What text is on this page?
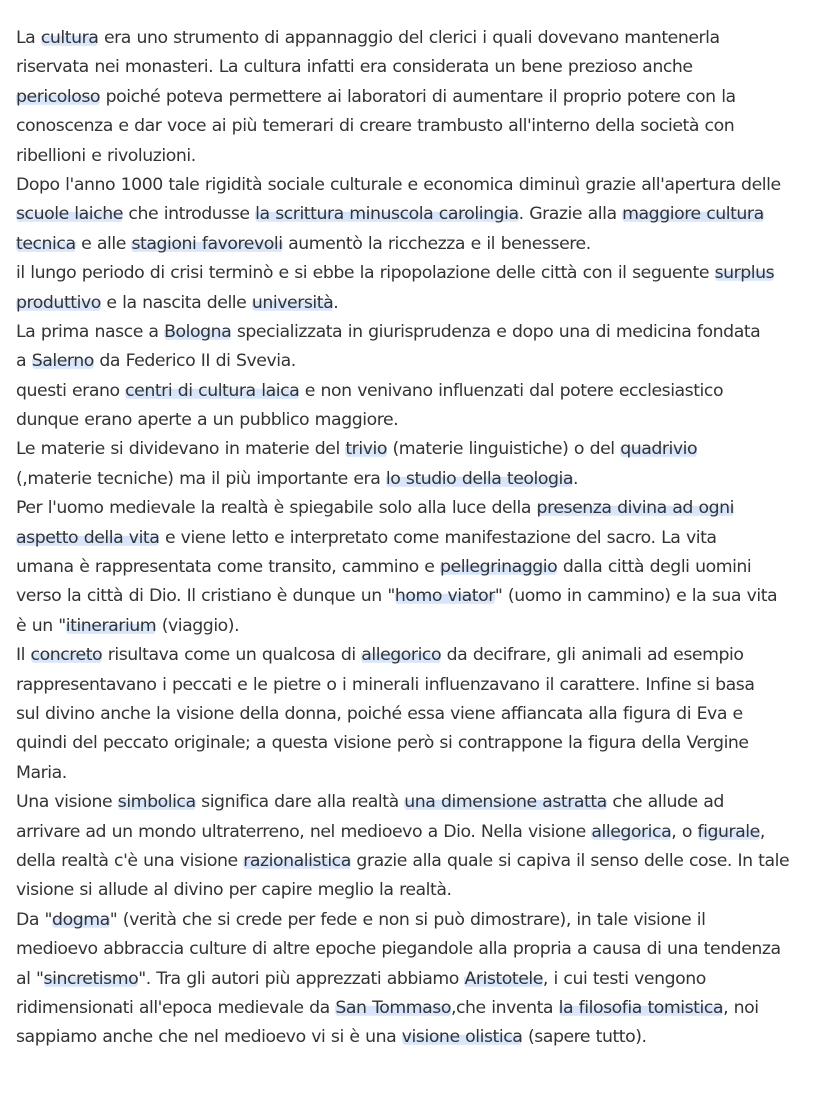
La cultura era uno strumento di appannaggio del clerici i quali dovevano mantenerla
riservata nei monasteri. La cultura infatti era considerata un bene prezioso anche
pericoloso poiché poteva permettere ai laboratori di aumentare il proprio potere con la
conoscenza e dar voce ai più temerari di creare trambusto all'interno della società con
ribellioni e rivoluzioni.
Dopo l'anno 1000 tale rigidità sociale culturale e economica diminuì grazie all'apertura delle
scuole laiche che introdusse la scrittura minuscola carolingia. Grazie alla maggiore cultura
tecnica e alle stagioni favorevoli aumentò la ricchezza e il benessere.
il lungo periodo di crisi terminò e si ebbe la ripopolazione delle città con il seguente surplus
produttivo e la nascita delle università.
La prima nasce a Bologna specializzata in giurisprudenza e dopo una di medicina fondata
a Salerno da Federico II di Svevia.
questi erano centri di cultura laica e non venivano influenzati dal potere ecclesiastico
dunque erano aperte a un pubblico maggiore.
Le materie si dividevano in materie del trivio (materie linguistiche) o del quadrivio
(,materie tecniche) ma il più importante era lo studio della teologia.
Per l'uomo medievale la realtà è spiegabile solo alla luce della presenza divina ad ogni
aspetto della vita e viene letto e interpretato come manifestazione del sacro. La vita
umana è rappresentata come transito, cammino e pellegrinaggio dalla città degli uomini
verso la città di Dio. Il cristiano è dunque un "homo viator" (uomo in cammino) e la sua vita
è un "itinerarium (viaggio).
Il concreto risultava come un qualcosa di allegorico da decifrare, gli animali ad esempio
rappresentavano i peccati e le pietre o i minerali influenzavano il carattere. Infine si basa
sul divino anche la visione della donna, poiché essa viene affiancata alla figura di Eva e
quindi del peccato originale; a questa visione però si contrappone la figura della Vergine
Maria.
Una visione simbolica significa dare alla realtà una dimensione astratta che allude ad
arrivare ad un mondo ultraterreno, nel medioevo a Dio. Nella visione allegorica, o figurale,
della realtà c'è una visione razionalistica grazie alla quale si capiva il senso delle cose. In tale
visione si allude al divino per capire meglio la realtà.
Da "dogma" (verità che si crede per fede e non si può dimostrare), in tale visione il
medioevo abbraccia culture di altre epoche piegandole alla propria a causa di una tendenza
al "sincretismo". Tra gli autori più apprezzati abbiamo Aristotele, i cui testi vengono
ridimensionati all'epoca medievale da San Tommaso,che inventa la filosofia tomistica, noi
sappiamo anche che nel medioevo vi si è una visione olistica (sapere tutto).
